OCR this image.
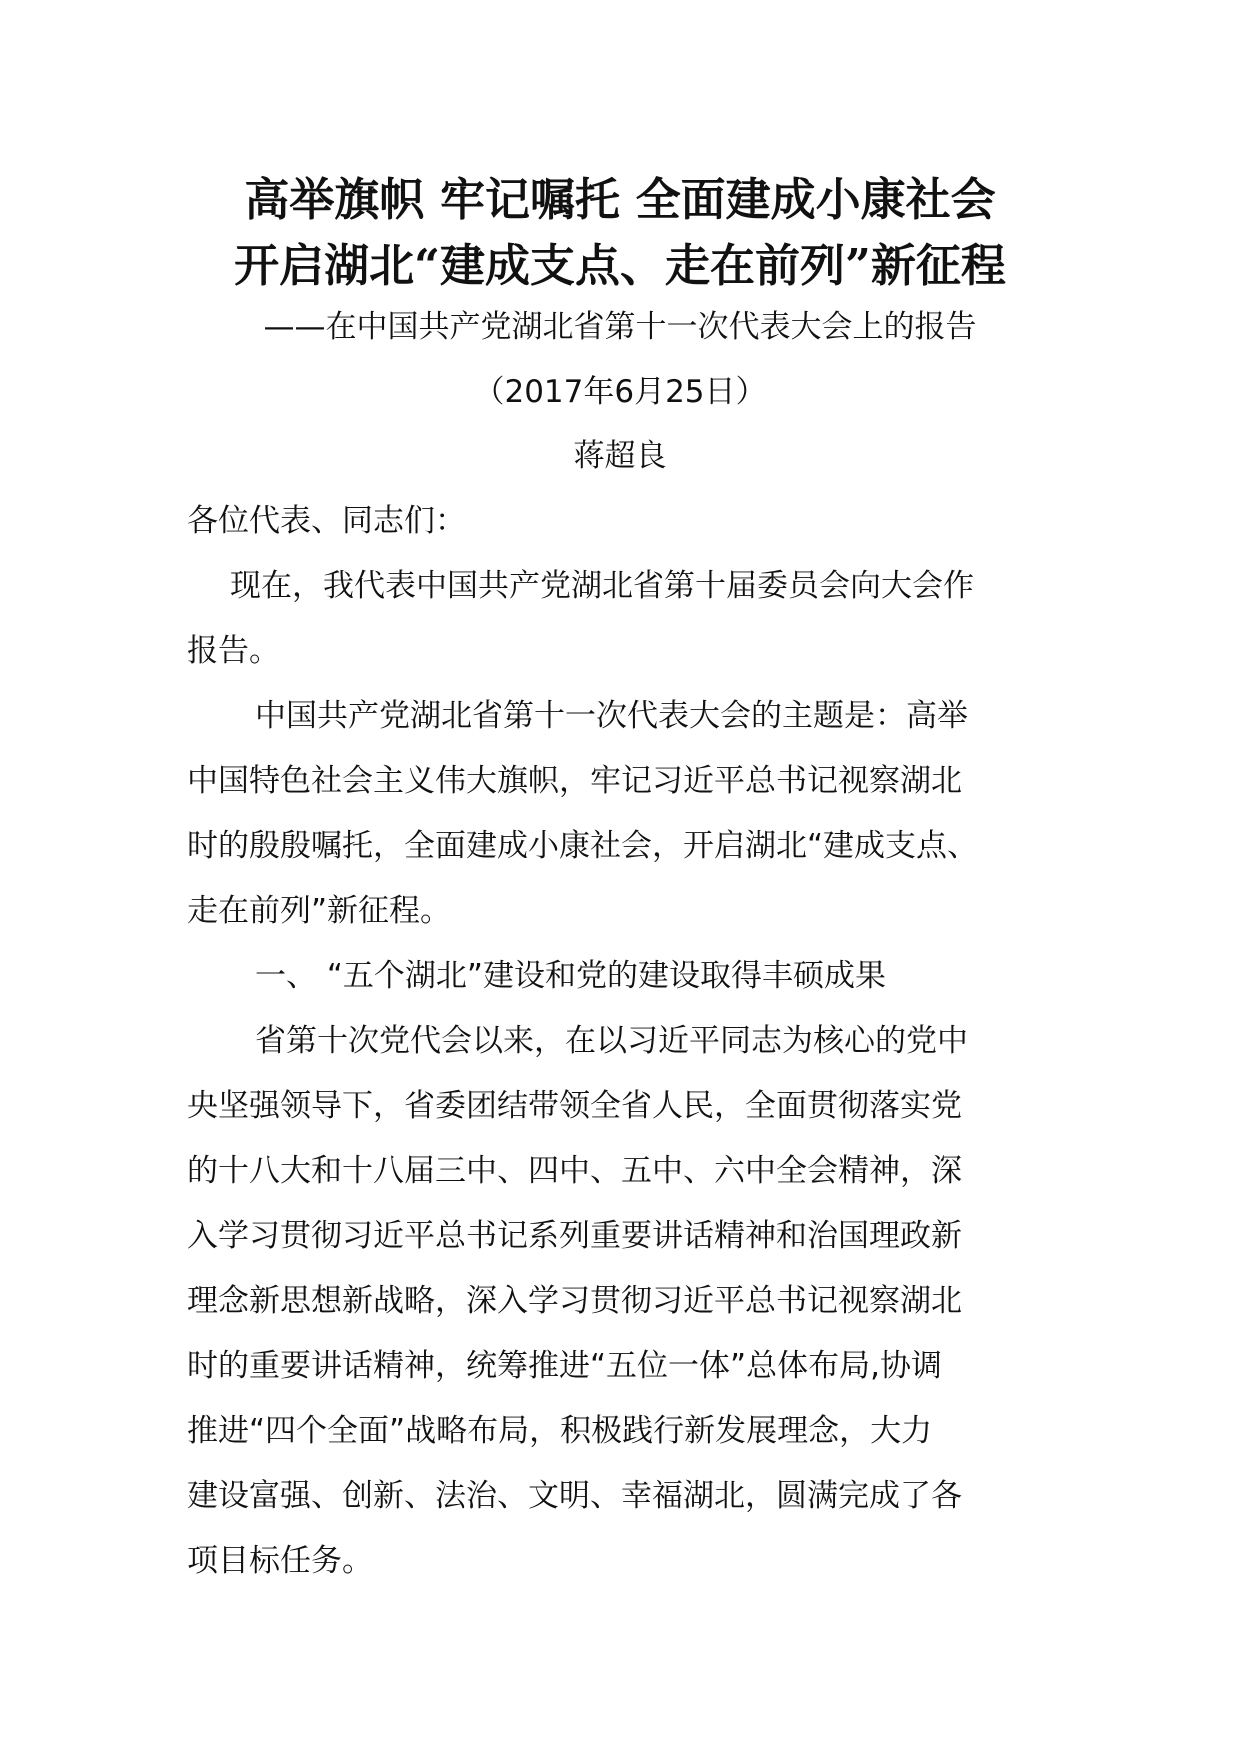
高举旗帜 牢记嘱托 全面建成小康社会
开启湖北“建成支点、走在前列”新征程
——在中国共产党湖北省第十一次代表大会上的报告
（2017年6月25日）
蒋超良
各位代表、同志们：
现在，我代表中国共产党湖北省第十届委员会向大会作
报告。
中国共产党湖北省第十一次代表大会的主题是：高举
中国特色社会主义伟大旗帜，牢记习近平总书记视察湖北
时的殷殷嘱托，全面建成小康社会，开启湖北“建成支点、
走在前列”新征程。
一、 “五个湖北”建设和党的建设取得丰硕成果
省第十次党代会以来，在以习近平同志为核心的党中
央坚强领导下，省委团结带领全省人民，全面贯彻落实党
的十八大和十八届三中、四中、五中、六中全会精神，深
入学习贯彻习近平总书记系列重要讲话精神和治国理政新
理念新思想新战略，深入学习贯彻习近平总书记视察湖北
时的重要讲话精神，统筹推进“五位一体”总体布局,协调
推进“四个全面”战略布局，积极践行新发展理念，大力
建设富强、创新、法治、文明、幸福湖北，圆满完成了各
项目标任务。
